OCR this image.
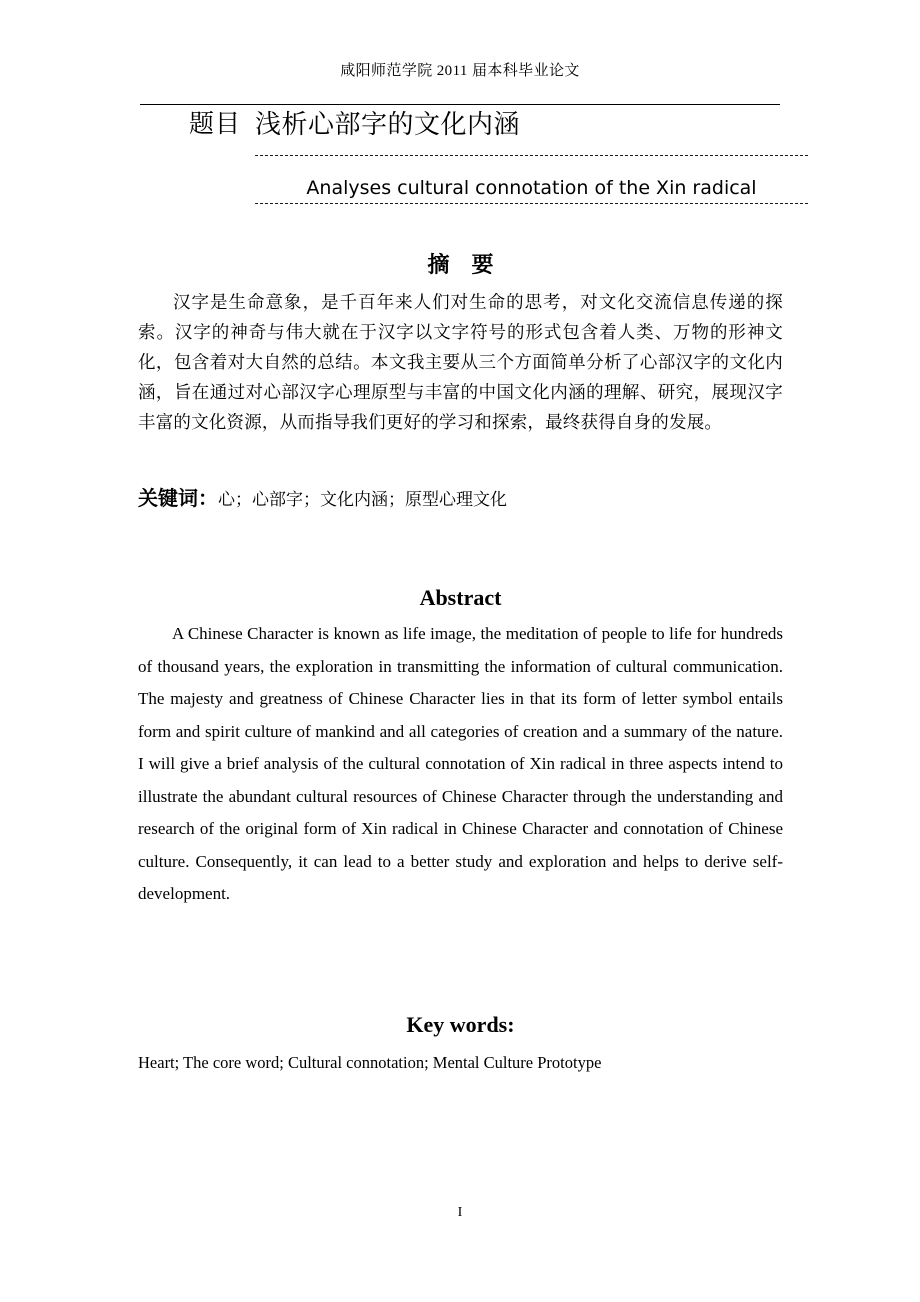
咸阳师范学院 2011 届本科毕业论文
题目 浅析心部字的文化内涵
Analyses cultural connotation of the Xin radical
摘　要
汉字是生命意象，是千百年来人们对生命的思考，对文化交流信息传递的探索。汉字的神奇与伟大就在于汉字以文字符号的形式包含着人类、万物的形神文化，包含着对大自然的总结。本文我主要从三个方面简单分析了心部汉字的文化内涵，旨在通过对心部汉字心理原型与丰富的中国文化内涵的理解、研究，展现汉字丰富的文化资源，从而指导我们更好的学习和探索，最终获得自身的发展。
关键词：心；心部字；文化内涵；原型心理文化
Abstract
A Chinese Character is known as life image, the meditation of people to life for hundreds of thousand years, the exploration in transmitting the information of cultural communication. The majesty and greatness of Chinese Character lies in that its form of letter symbol entails form and spirit culture of mankind and all categories of creation and a summary of the nature. I will give a brief analysis of the cultural connotation of Xin radical in three aspects intend to illustrate the abundant cultural resources of Chinese Character through the understanding and research of the original form of Xin radical in Chinese Character and connotation of Chinese culture. Consequently, it can lead to a better study and exploration and helps to derive self-development.
Key words:
Heart; The core word; Cultural connotation; Mental Culture Prototype
I
